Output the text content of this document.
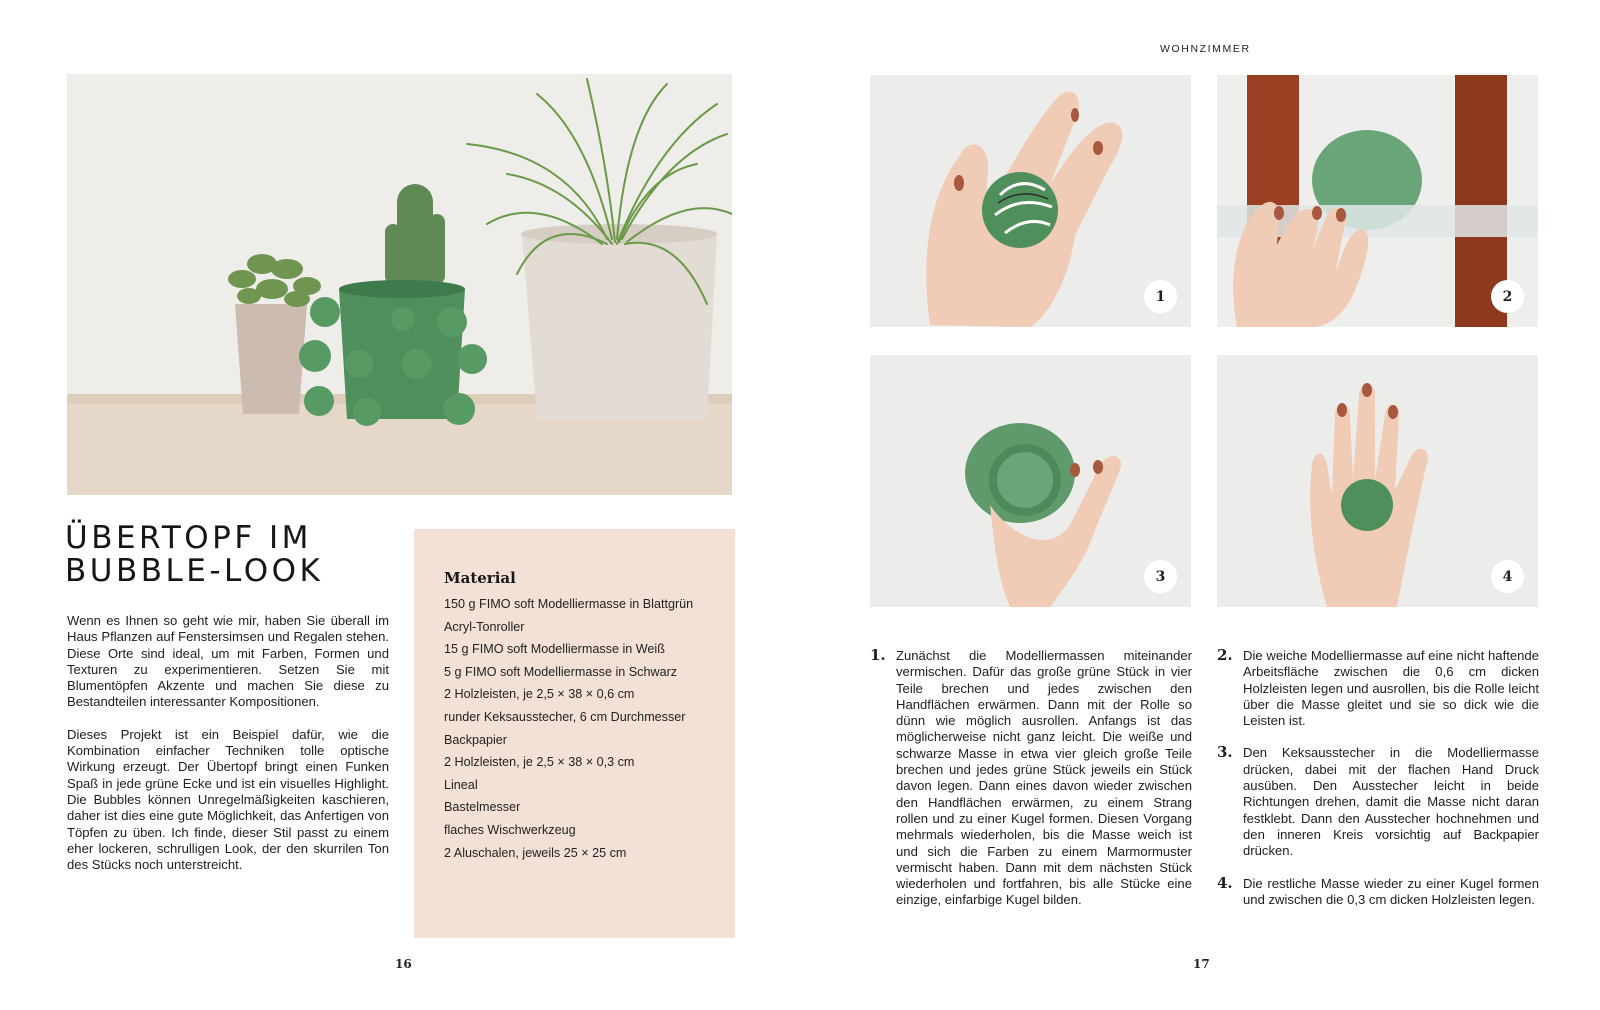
ÜBERTOPF IM BUBBLE-LOOK

Wenn es Ihnen so geht wie mir, haben Sie überall im Haus Pflanzen auf Fenstersimsen und Regalen stehen. Diese Orte sind ideal, um mit Farben, Formen und Texturen zu experimentieren. Setzen Sie mit Blumentöpfen Akzente und machen Sie diese zu Bestandteilen interessanter Kompositionen.

Dieses Projekt ist ein Beispiel dafür, wie die Kombination einfacher Techniken tolle optische Wirkung erzeugt. Der Übertopf bringt einen Funken Spaß in jede grüne Ecke und ist ein visuelles Highlight. Die Bubbles können Unregelmäßigkeiten kaschieren, daher ist dies eine gute Möglichkeit, das Anfertigen von Töpfen zu üben. Ich finde, dieser Stil passt zu einem eher lockeren, schrulligen Look, der den skurrilen Ton des Stücks noch unterstreicht.

Material
150 g FIMO soft Modelliermasse in Blattgrün
Acryl-Tonroller
15 g FIMO soft Modelliermasse in Weiß
5 g FIMO soft Modelliermasse in Schwarz
2 Holzleisten, je 2,5 × 38 × 0,6 cm
runder Keksausstecher, 6 cm Durchmesser
Backpapier
2 Holzleisten, je 2,5 × 38 × 0,3 cm
Lineal
Bastelmesser
flaches Wischwerkzeug
2 Aluschalen, jeweils 25 × 25 cm
16
WOHNZIMMER
1	2
3	4
1. Zunächst die Modelliermassen miteinander vermischen. Dafür das große grüne Stück in vier Teile brechen und jedes zwischen den Handflächen erwärmen. Dann mit der Rolle so dünn wie möglich ausrollen. Anfangs ist das möglicherweise nicht ganz leicht. Die weiße und schwarze Masse in etwa vier gleich große Teile brechen und jedes grüne Stück jeweils ein Stück davon legen. Dann eines davon wieder zwischen den Handflächen erwärmen, zu einem Strang rollen und zu einer Kugel formen. Diesen Vorgang mehrmals wiederholen, bis die Masse weich ist und sich die Farben zu einem Marmormuster vermischt haben. Dann mit dem nächsten Stück wiederholen und fortfahren, bis alle Stücke eine einzige, einfarbige Kugel bilden.
2. Die weiche Modelliermasse auf eine nicht haftende Arbeitsfläche zwischen die 0,6 cm dicken Holzleisten legen und ausrollen, bis die Rolle leicht über die Masse gleitet und sie so dick wie die Leisten ist.
3. Den Keksausstecher in die Modelliermasse drücken, dabei mit der flachen Hand Druck ausüben. Den Ausstecher leicht in beide Richtungen drehen, damit die Masse nicht daran festklebt. Dann den Ausstecher hochnehmen und den inneren Kreis vorsichtig auf Backpapier drücken.
4. Die restliche Masse wieder zu einer Kugel formen und zwischen die 0,3 cm dicken Holzleisten legen.
17
